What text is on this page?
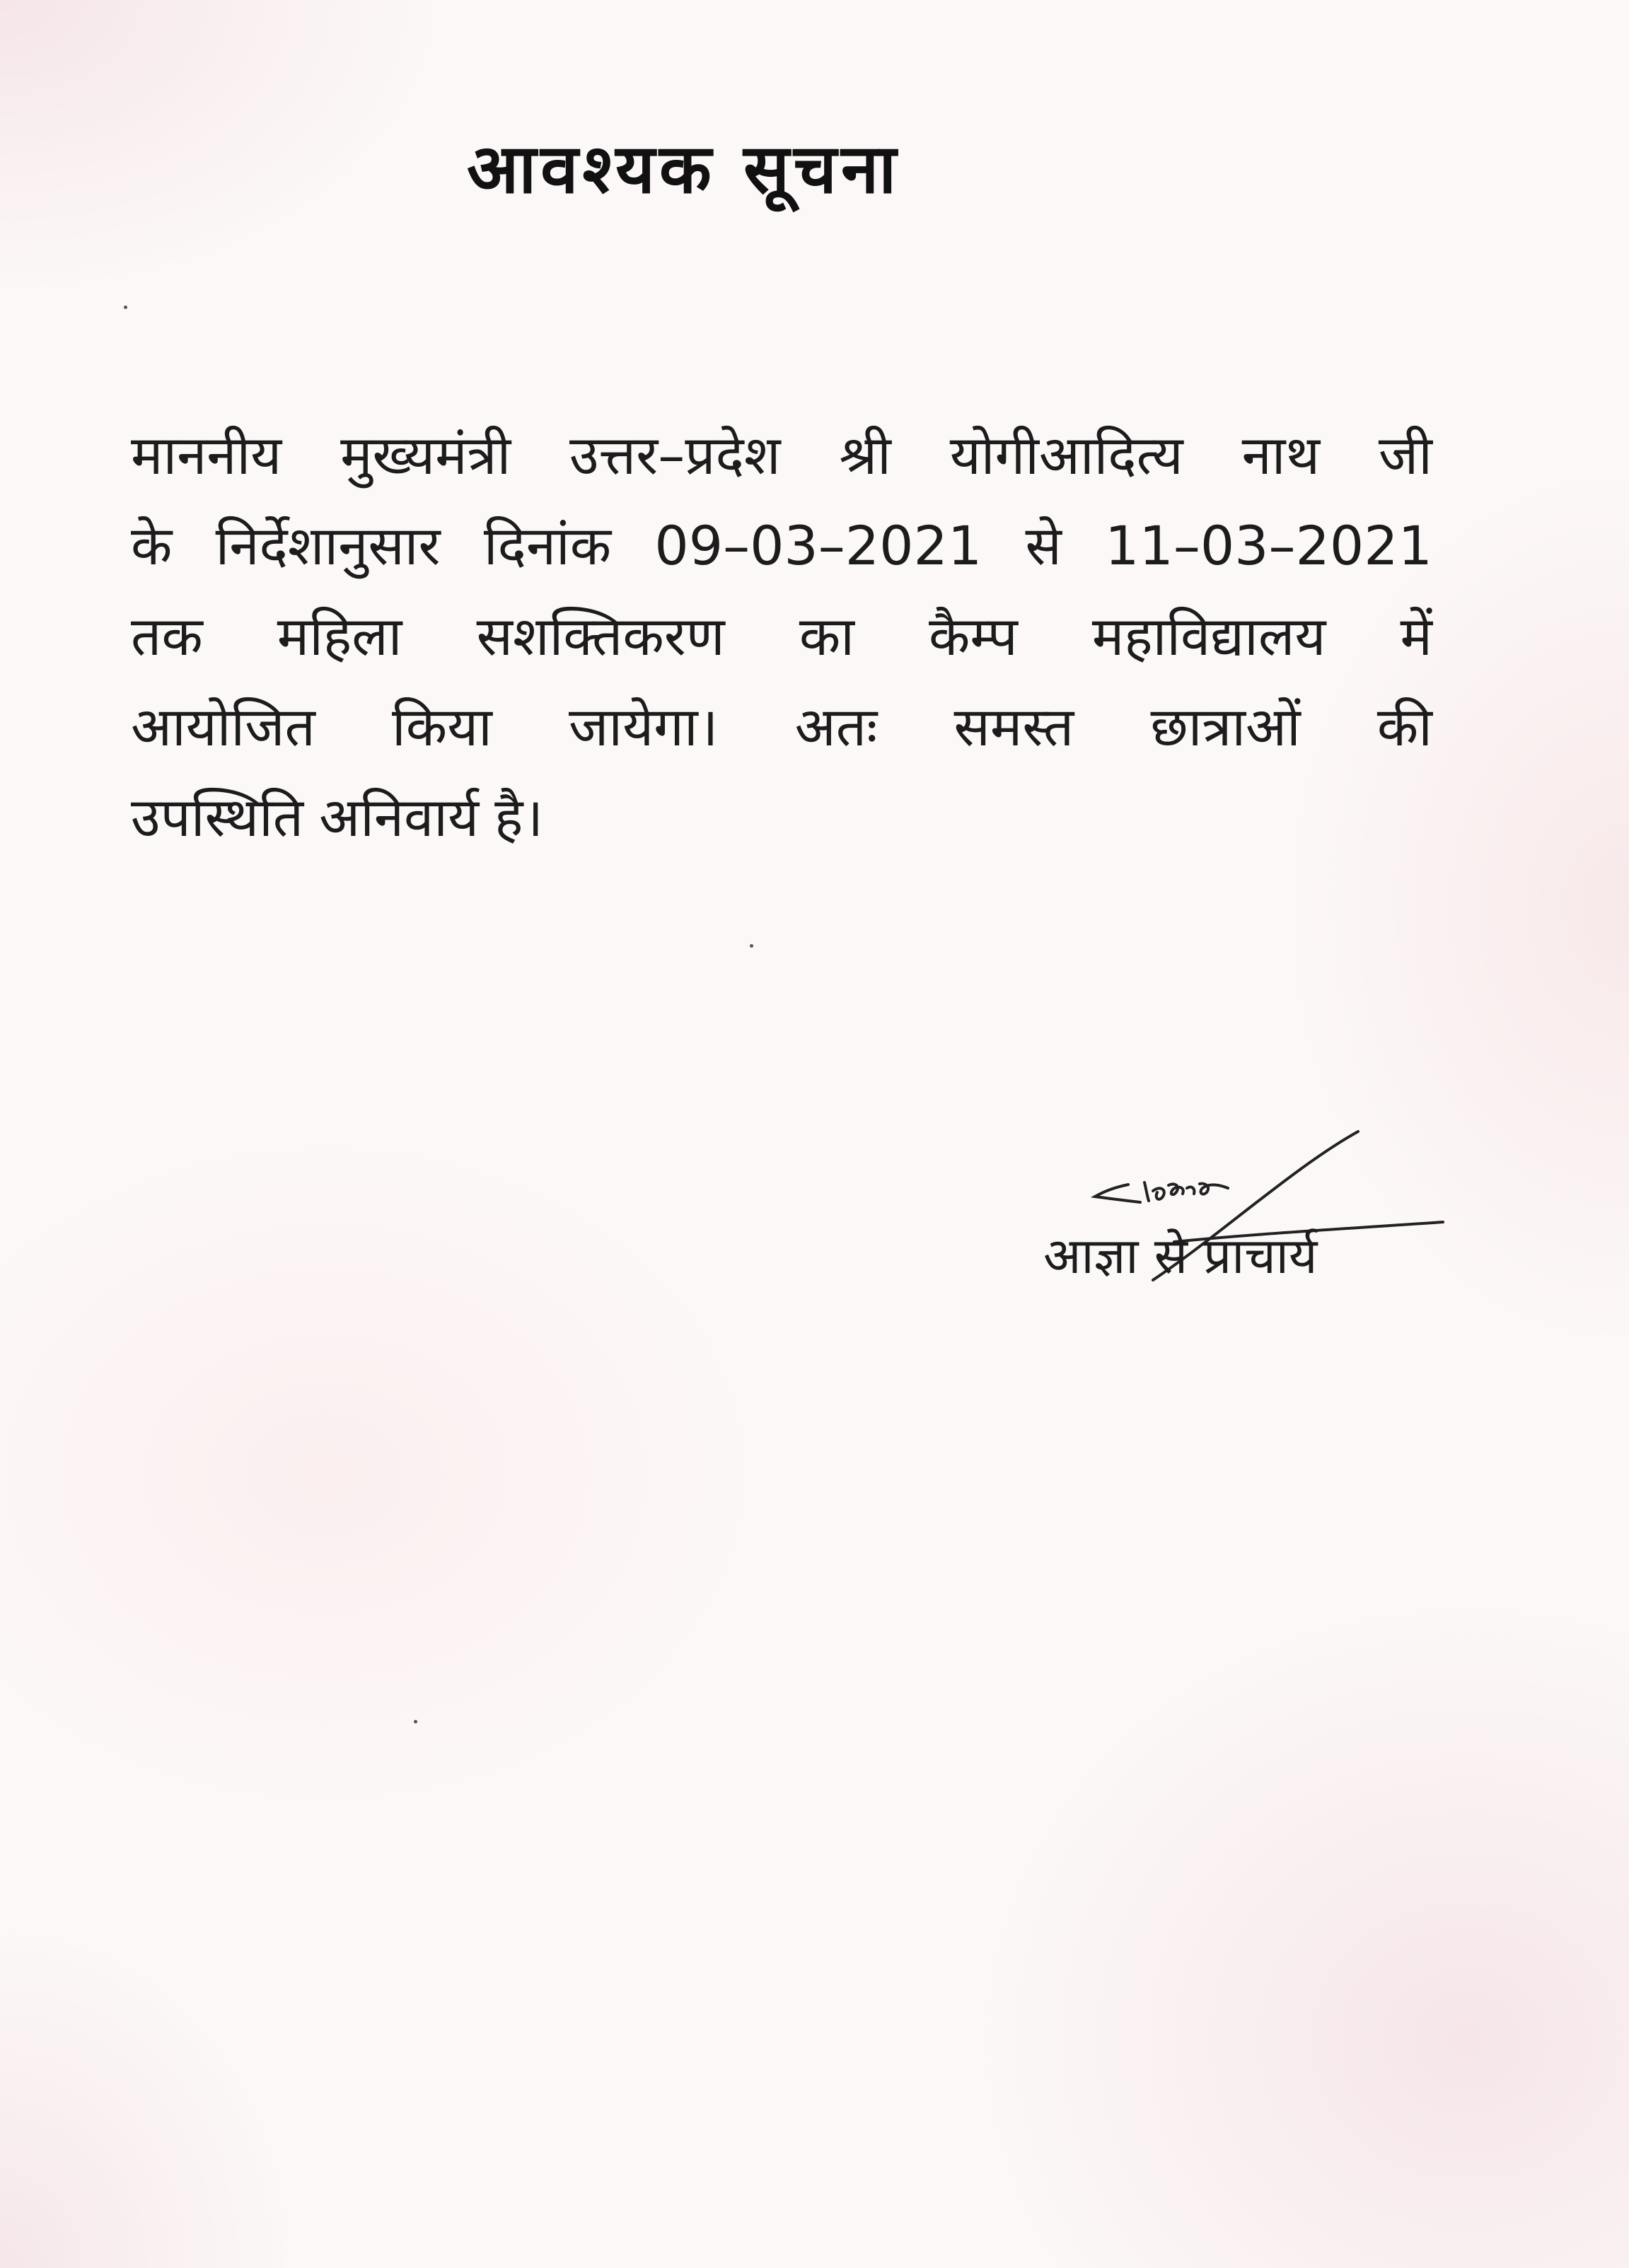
आवश्यक सूचना
माननीय मुख्यमंत्री उत्तर–प्रदेश श्री योगीआदित्य नाथ जी
के निर्देशानुसार दिनांक 09–03–2021 से 11–03–2021
तक महिला सशक्तिकरण का कैम्प महाविद्यालय में
आयोजित किया जायेगा। अतः समस्त छात्राओं की
उपस्थिति अनिवार्य है।
आज्ञा से प्राचार्य
